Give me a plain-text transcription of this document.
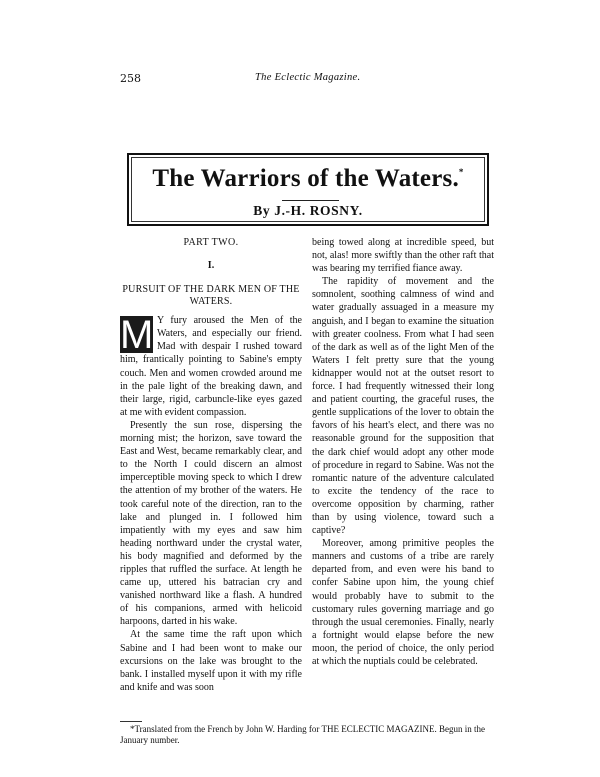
258	The Eclectic Magazine.
The Warriors of the Waters.*
By J.-H. ROSNY.

PART TWO.

I.

PURSUIT OF THE DARK MEN OF THE WATERS.

M Y fury aroused the Men of the Waters, and especially our friend. Mad with despair I rushed toward him, frantically pointing to Sabine's empty couch. Men and women crowded around me in the pale light of the breaking dawn, and their large, rigid, carbuncle-like eyes gazed at me with evident compassion.

Presently the sun rose, dispersing the morning mist; the horizon, save toward the East and West, became remarkably clear, and to the North I could discern an almost imperceptible moving speck to which I drew the attention of my brother of the waters. He took careful note of the direction, ran to the lake and plunged in. I followed him impatiently with my eyes and saw him heading northward under the crystal water, his body magnified and deformed by the ripples that ruffled the surface. At length he came up, uttered his batracian cry and vanished northward like a flash. A hundred of his companions, armed with helicoid harpoons, darted in his wake.

At the same time the raft upon which Sabine and I had been wont to make our excursions on the lake was brought to the bank. I installed myself upon it with my rifle and knife and was soon

being towed along at incredible speed, but not, alas! more swiftly than the other raft that was bearing my terrified fiance away.

The rapidity of movement and the somnolent, soothing calmness of wind and water gradually assuaged in a measure my anguish, and I began to examine the situation with greater coolness. From what I had seen of the dark as well as of the light Men of the Waters I felt pretty sure that the young kidnapper would not at the outset resort to force. I had frequently witnessed their long and patient courting, the graceful ruses, the gentle supplications of the lover to obtain the favors of his heart's elect, and there was no reasonable ground for the supposition that the dark chief would adopt any other mode of procedure in regard to Sabine. Was not the romantic nature of the adventure calculated to excite the tendency of the race to overcome opposition by charming, rather than by using violence, toward such a captive?

Moreover, among primitive peoples the manners and customs of a tribe are rarely departed from, and even were his band to confer Sabine upon him, the young chief would probably have to submit to the customary rules governing marriage and go through the usual ceremonies. Finally, nearly a fortnight would elapse before the new moon, the period of choice, the only period at which the nuptials could be celebrated.

*Translated from the French by John W. Harding for THE ECLECTIC MAGAZINE. Begun in the January number.
